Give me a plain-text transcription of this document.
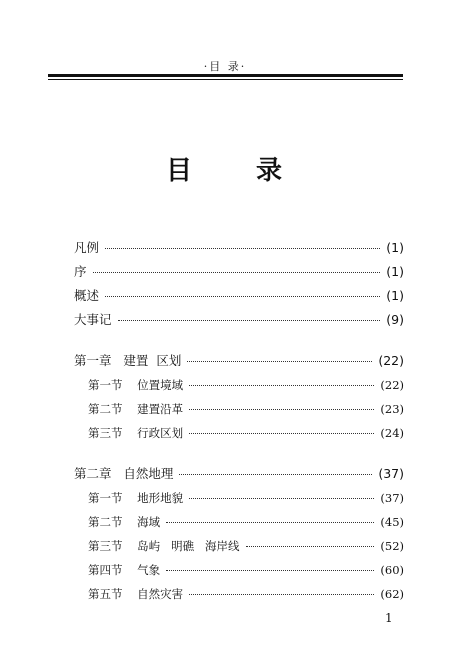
·目 录·
目 录
凡例	(1)
序	(1)
概述	(1)
大事记	(9)
第一章   建置  区划	(22)
第一节    位置境域	(22)
第二节    建置沿革	(23)
第三节    行政区划	(24)
第二章   自然地理	(37)
第一节    地形地貌	(37)
第二节    海域	(45)
第三节    岛屿   明礁   海岸线	(52)
第四节    气象	(60)
第五节    自然灾害	(62)
1
